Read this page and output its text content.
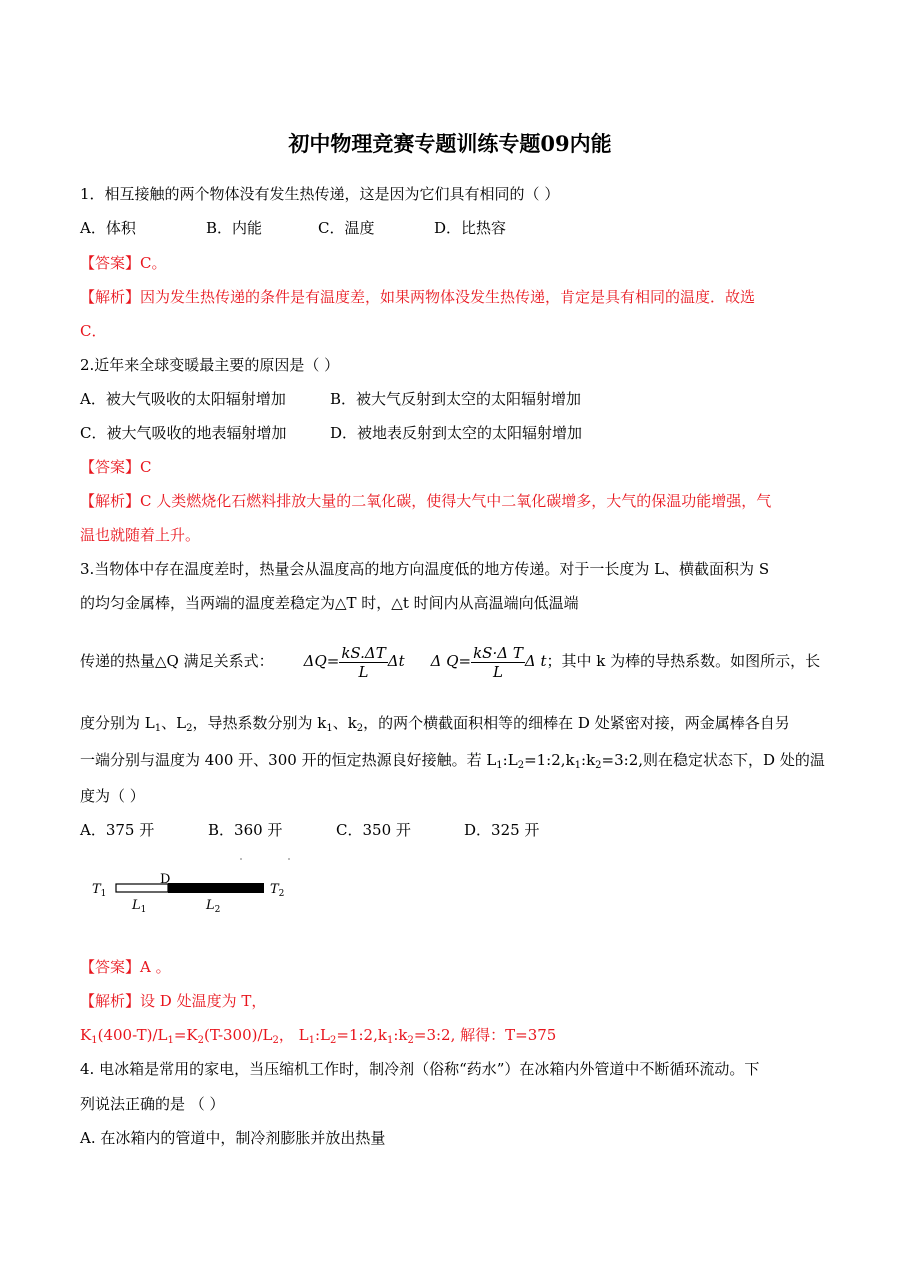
初中物理竞赛专题训练专题09内能
1．相互接触的两个物体没有发生热传递，这是因为它们具有相同的（ ）
A．体积	B．内能	C．温度	D．比热容
【答案】C。
【解析】因为发生热传递的条件是有温度差，如果两物体没发生热传递，肯定是具有相同的温度．故选
C．
2.近年来全球变暖最主要的原因是（ ）
A．被大气吸收的太阳辐射增加	B．被大气反射到太空的太阳辐射增加
C．被大气吸收的地表辐射增加	D．被地表反射到太空的太阳辐射增加
【答案】C
【解析】C 人类燃烧化石燃料排放大量的二氧化碳，使得大气中二氧化碳增多，大气的保温功能增强，气
温也就随着上升。
3.当物体中存在温度差时，热量会从温度高的地方向温度低的地方传递。对于一长度为 L、横截面积为 S
的均匀金属棒，当两端的温度差稳定为△T 时，△t 时间内从高温端向低温端
传递的热量△Q 满足关系式： $\Delta Q= \frac{kS.\Delta T}{L}$ Δt Δ $Q= \frac{\text{kS·Δ T}}{L}$ Δ t；其中 k 为棒的导热系数。如图所示，长
度分别为 $L_1$、$L_2$，导热系数分别为 $k_1$、$k_2$，的两个横截面积相等的细棒在 D 处紧密对接，两金属棒各自另
一端分别与温度为 400 开、300 开的恒定热源良好接触。若 $L_1:L_2=1:2,k_1:k_2=3:2$,则在稳定状态下，D 处的温
度为（ ）
A．375 开	B．360 开	C．350 开	D．325 开
$T_1$
D
$T_2$
$L_1$	$L_2$
【答案】A 。
【解析】设 D 处温度为 T，
$K_1(400-T)/L_1=K_2(T-300)/L_2$， $L_1:L_2=1:2,k_1:k_2=3:2$, 解得：T=375
4. 电冰箱是常用的家电，当压缩机工作时，制冷剂（俗称“药水”）在冰箱内外管道中不断循环流动。下
列说法正确的是 （ ）
A. 在冰箱内的管道中，制冷剂膨胀并放出热量
